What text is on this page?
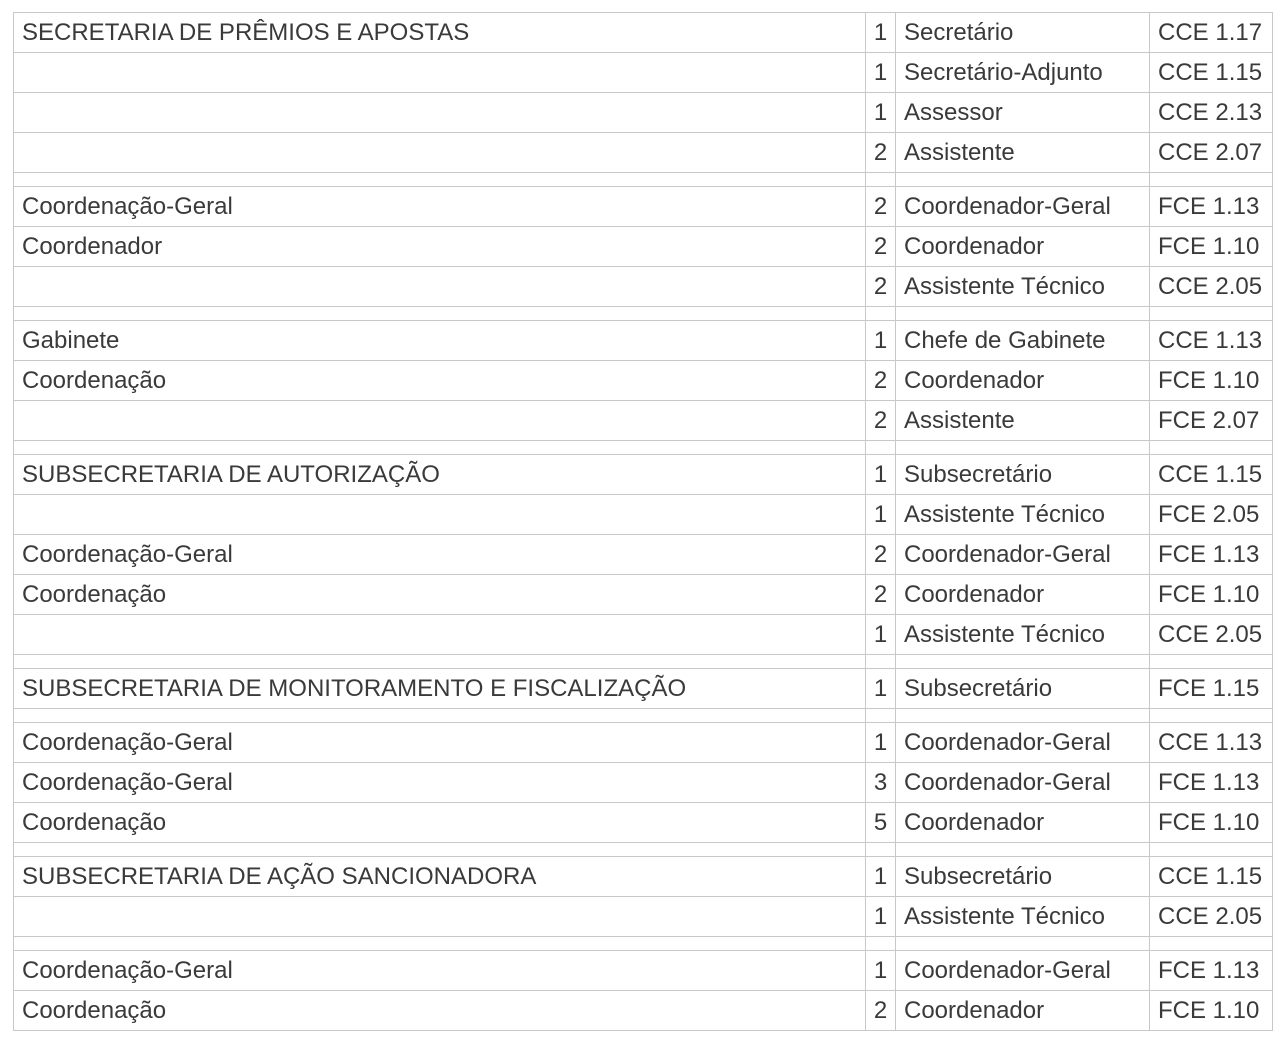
SECRETARIA DE PRÊMIOS E APOSTAS	1	Secretário	CCE 1.17
	1	Secretário-Adjunto	CCE 1.15
	1	Assessor	CCE 2.13
	2	Assistente	CCE 2.07

Coordenação-Geral	2	Coordenador-Geral	FCE 1.13
Coordenador	2	Coordenador	FCE 1.10
	2	Assistente Técnico	CCE 2.05

Gabinete	1	Chefe de Gabinete	CCE 1.13
Coordenação	2	Coordenador	FCE 1.10
	2	Assistente	FCE 2.07

SUBSECRETARIA DE AUTORIZAÇÃO	1	Subsecretário	CCE 1.15
	1	Assistente Técnico	FCE 2.05
Coordenação-Geral	2	Coordenador-Geral	FCE 1.13
Coordenação	2	Coordenador	FCE 1.10
	1	Assistente Técnico	CCE 2.05

SUBSECRETARIA DE MONITORAMENTO E FISCALIZAÇÃO	1	Subsecretário	FCE 1.15

Coordenação-Geral	1	Coordenador-Geral	CCE 1.13
Coordenação-Geral	3	Coordenador-Geral	FCE 1.13
Coordenação	5	Coordenador	FCE 1.10

SUBSECRETARIA DE AÇÃO SANCIONADORA	1	Subsecretário	CCE 1.15
	1	Assistente Técnico	CCE 2.05

Coordenação-Geral	1	Coordenador-Geral	FCE 1.13
Coordenação	2	Coordenador	FCE 1.10
